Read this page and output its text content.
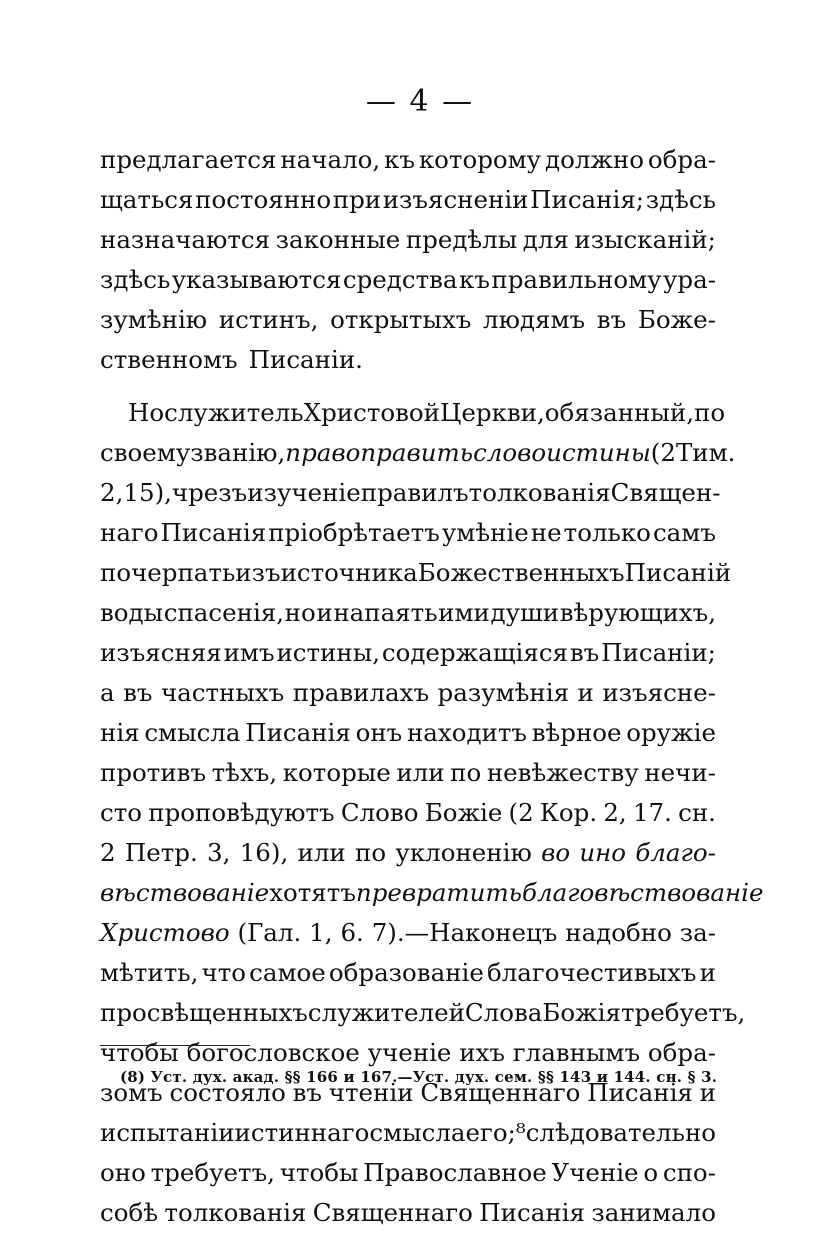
— 4 —
предлагается начало, къ которому должно обра-
щаться постоянно при изъясненіи Писанія; здѣсь
назначаются законные предѣлы для изысканій;
здѣсь указываются средства къ правильному ура-
зумѣнію истинъ, открытыхъ людямъ въ Боже-
ственномъ Писаніи.
Но служитель Христовой Церкви, обязанный, по
своему званію, право править слово истины (2 Тим.
2, 15), чрезъ изученіе правилъ толкованія Священ-
наго Писанія пріобрѣтаетъ умѣніе не только самъ
почерпать изъ источника Божественныхъ Писаній
воды спасенія, но и напаять ими души вѣрующихъ,
изъясняя имъ истины, содержащіяся въ Писаніи;
а въ частныхъ правилахъ разумѣнія и изъясне-
нія смысла Писанія онъ находитъ вѣрное оружіе
противъ тѣхъ, которые или по невѣжеству нечи-
сто проповѣдуютъ Слово Божіе (2 Кор. 2, 17. сн.
2 Петр. 3, 16), или по уклоненію во ино благо-
вѣствованіе хотятъ превратить благовѣствованіе
Христово (Гал. 1, 6. 7).—Наконецъ надобно за-
мѣтить, что самое образованіе благочестивыхъ и
просвѣщенныхъ служителей Слова Божія требуетъ,
чтобы богословское ученіе ихъ главнымъ обра-
зомъ состояло въ чтеніи Священнаго Писанія и
испытаніи истиннаго смысла его;⁸ слѣдовательно
оно требуетъ, чтобы Православное Ученіе о спо-
собѣ толкованія Священнаго Писанія занимало
(8) Уст. дух. акад. §§ 166 и 167.—Уст. дух. сем. §§ 143 и 144. сн. § 3.
